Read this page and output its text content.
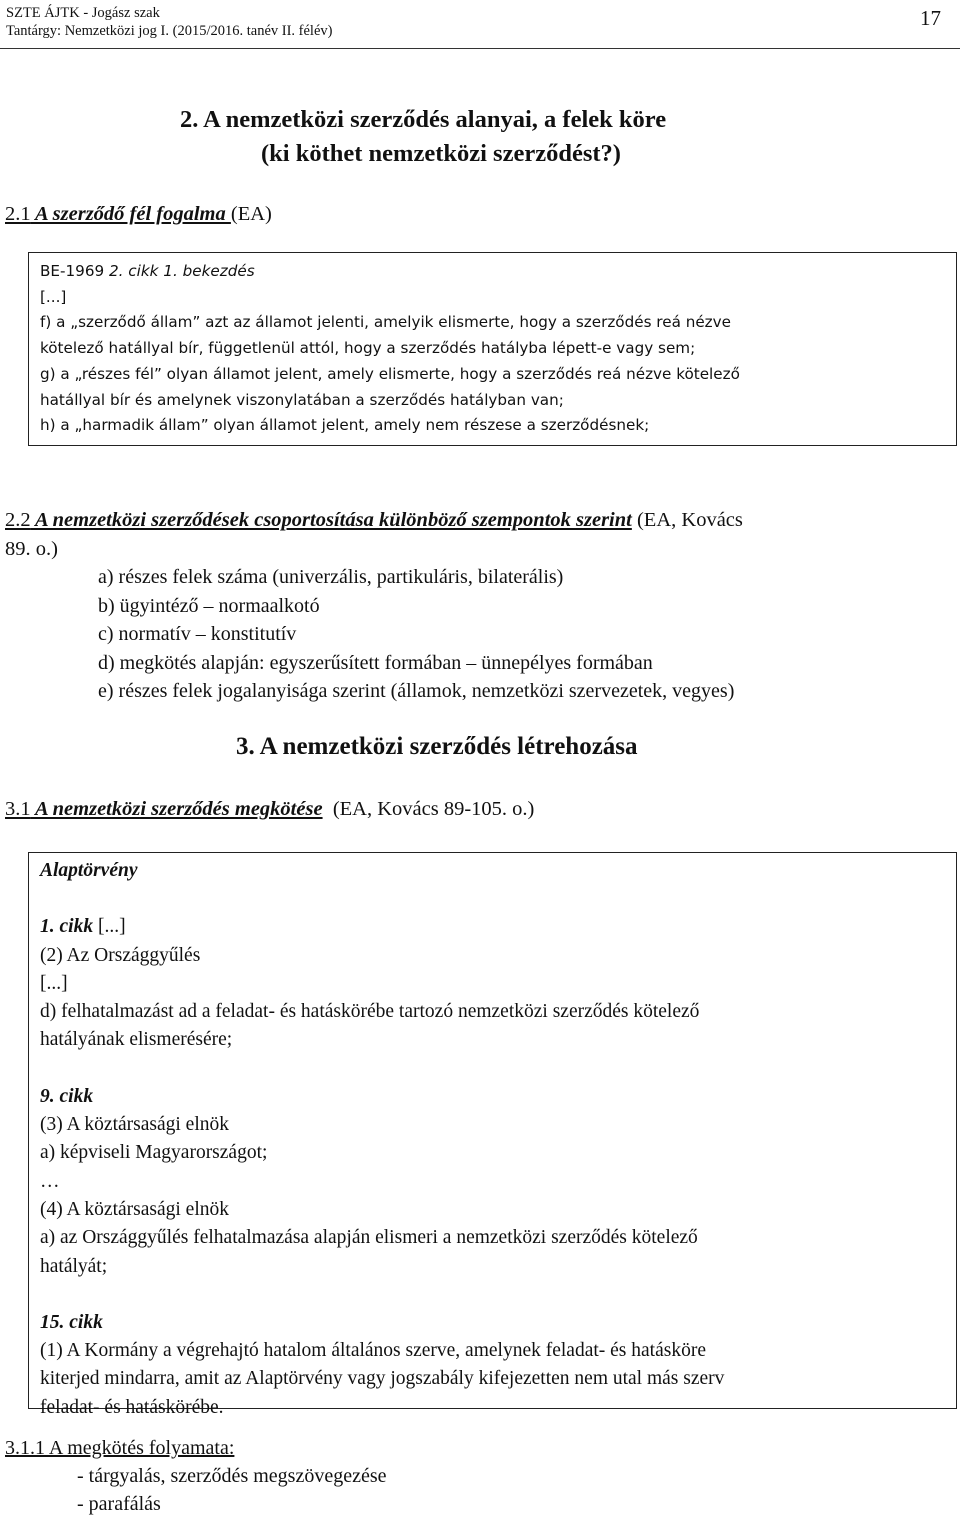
SZTE ÁJTK - Jogász szak
Tantárgy: Nemzetközi jog I. (2015/2016. tanév II. félév)
17
2. A nemzetközi szerződés alanyai, a felek köre
(ki köthet nemzetközi szerződést?)
2.1 A szerződő fél fogalma (EA)
BE-1969 2. cikk 1. bekezdés
[...]
f) a „szerződő állam” azt az államot jelenti, amelyik elismerte, hogy a szerződés reá nézve
kötelező hatállyal bír, függetlenül attól, hogy a szerződés hatályba lépett-e vagy sem;
g) a „részes fél” olyan államot jelent, amely elismerte, hogy a szerződés reá nézve kötelező
hatállyal bír és amelynek viszonylatában a szerződés hatályban van;
h) a „harmadik állam” olyan államot jelent, amely nem részese a szerződésnek;
2.2 A nemzetközi szerződések csoportosítása különböző szempontok szerint (EA, Kovács
89. o.)
a) részes felek száma (univerzális, partikuláris, bilaterális)
b) ügyintéző – normaalkotó
c) normatív – konstitutív
d) megkötés alapján: egyszerűsített formában – ünnepélyes formában
e) részes felek jogalanyisága szerint (államok, nemzetközi szervezetek, vegyes)
3. A nemzetközi szerződés létrehozása
3.1 A nemzetközi szerződés megkötése  (EA, Kovács 89-105. o.)
Alaptörvény
1. cikk [...]
(2) Az Országgyűlés
[...]
d) felhatalmazást ad a feladat- és hatáskörébe tartozó nemzetközi szerződés kötelező
hatályának elismerésére;
9. cikk
(3) A köztársasági elnök
a) képviseli Magyarországot;
…
(4) A köztársasági elnök
a) az Országgyűlés felhatalmazása alapján elismeri a nemzetközi szerződés kötelező
hatályát;
15. cikk
(1) A Kormány a végrehajtó hatalom általános szerve, amelynek feladat- és hatásköre
kiterjed mindarra, amit az Alaptörvény vagy jogszabály kifejezetten nem utal más szerv
feladat- és hatáskörébe.
3.1.1 A megkötés folyamata:
- tárgyalás, szerződés megszövegezése
- parafálás
